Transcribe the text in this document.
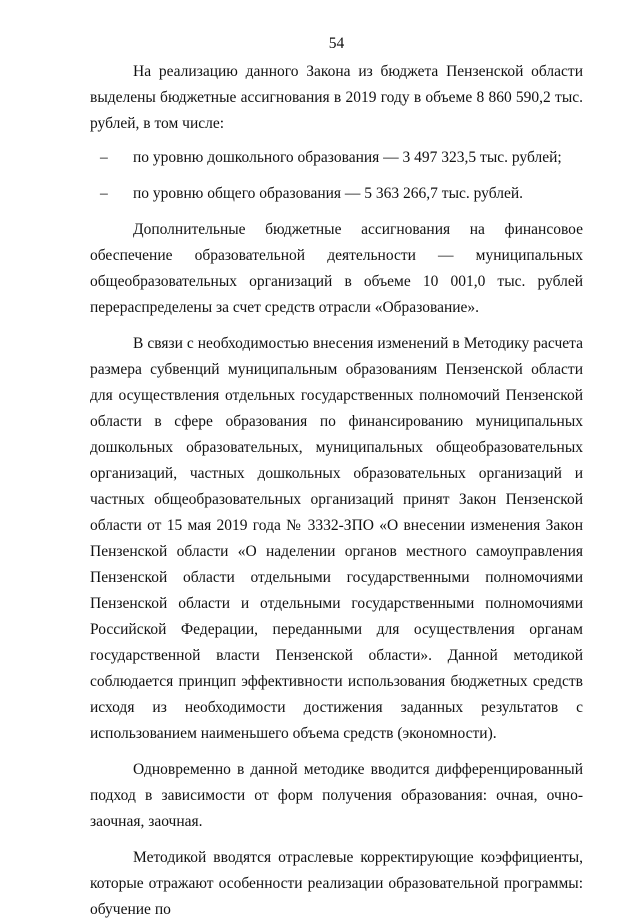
54

На реализацию данного Закона из бюджета Пензенской области выделены бюджетные ассигнования в 2019 году в объеме 8 860 590,2 тыс. рублей, в том числе:

– по уровню дошкольного образования — 3 497 323,5 тыс. рублей;
– по уровню общего образования — 5 363 266,7 тыс. рублей.

Дополнительные бюджетные ассигнования на финансовое обеспечение образовательной деятельности — муниципальных общеобразовательных организаций в объеме 10 001,0 тыс. рублей перераспределены за счет средств отрасли «Образование».

В связи с необходимостью внесения изменений в Методику расчета размера субвенций муниципальным образованиям Пензенской области для осуществления отдельных государственных полномочий Пензенской области в сфере образования по финансированию муниципальных дошкольных образовательных, муниципальных общеобразовательных организаций, частных дошкольных образовательных организаций и частных общеобразовательных организаций принят Закон Пензенской области от 15 мая 2019 года № 3332-ЗПО «О внесении изменения Закон Пензенской области «О наделении органов местного самоуправления Пензенской области отдельными государственными полномочиями Пензенской области и отдельными государственными полномочиями Российской Федерации, переданными для осуществления органам государственной власти Пензенской области». Данной методикой соблюдается принцип эффективности использования бюджетных средств исходя из необходимости достижения заданных результатов с использованием наименьшего объема средств (экономности).

Одновременно в данной методике вводится дифференцированный подход в зависимости от форм получения образования: очная, очно-заочная, заочная.

Методикой вводятся отраслевые корректирующие коэффициенты, которые отражают особенности реализации образовательной программы: обучение по
